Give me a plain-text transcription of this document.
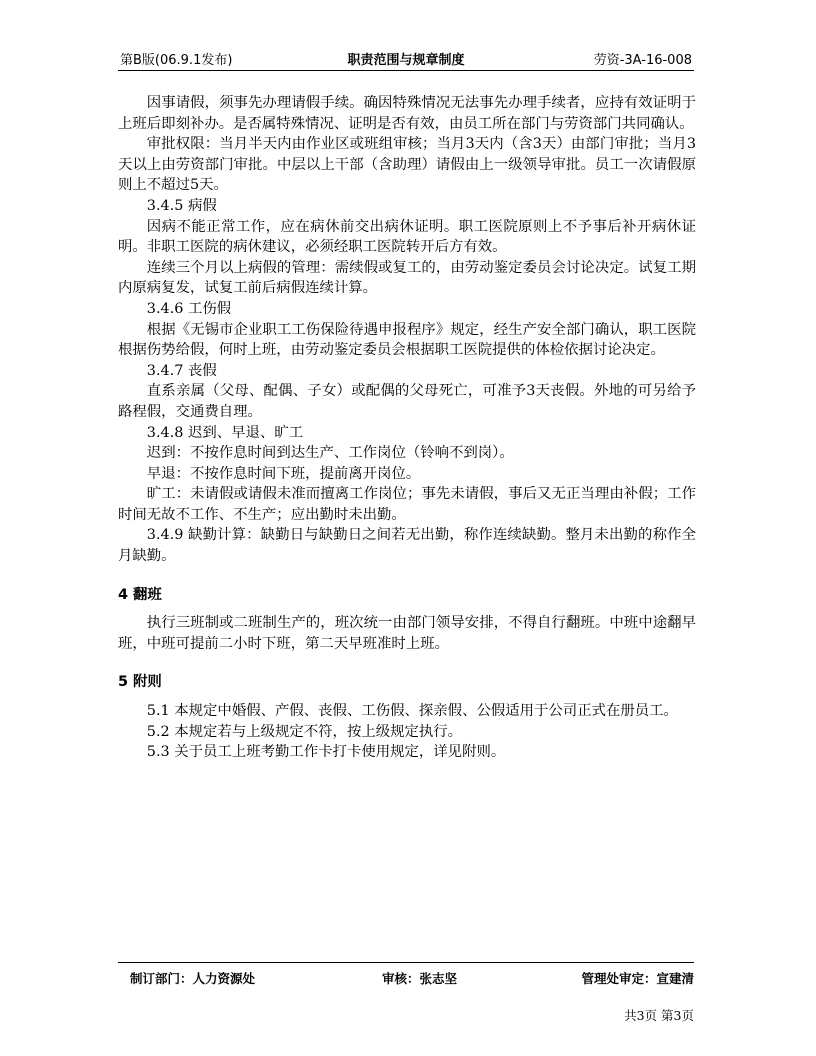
第B版(06.9.1发布)	职责范围与规章制度	劳资-3A-16-008

因事请假，须事先办理请假手续。确因特殊情况无法事先办理手续者，应持有效证明于上班后即刻补办。是否属特殊情况、证明是否有效，由员工所在部门与劳资部门共同确认。

审批权限：当月半天内由作业区或班组审核；当月3天内（含3天）由部门审批；当月3天以上由劳资部门审批。中层以上干部（含助理）请假由上一级领导审批。员工一次请假原则上不超过5天。

3.4.5 病假

因病不能正常工作，应在病休前交出病休证明。职工医院原则上不予事后补开病休证明。非职工医院的病休建议，必须经职工医院转开后方有效。

连续三个月以上病假的管理：需续假或复工的，由劳动鉴定委员会讨论决定。试复工期内原病复发，试复工前后病假连续计算。

3.4.6 工伤假

根据《无锡市企业职工工伤保险待遇申报程序》规定，经生产安全部门确认，职工医院根据伤势给假，何时上班，由劳动鉴定委员会根据职工医院提供的体检依据讨论决定。

3.4.7 丧假

直系亲属（父母、配偶、子女）或配偶的父母死亡，可准予3天丧假。外地的可另给予路程假，交通费自理。

3.4.8 迟到、早退、旷工

迟到：不按作息时间到达生产、工作岗位（铃响不到岗）。

早退：不按作息时间下班，提前离开岗位。

旷工：未请假或请假未准而擅离工作岗位；事先未请假，事后又无正当理由补假；工作时间无故不工作、不生产；应出勤时未出勤。

3.4.9 缺勤计算：缺勤日与缺勤日之间若无出勤，称作连续缺勤。整月未出勤的称作全月缺勤。

4 翻班

执行三班制或二班制生产的，班次统一由部门领导安排，不得自行翻班。中班中途翻早班，中班可提前二小时下班，第二天早班准时上班。

5 附则

5.1 本规定中婚假、产假、丧假、工伤假、探亲假、公假适用于公司正式在册员工。

5.2 本规定若与上级规定不符，按上级规定执行。

5.3 关于员工上班考勤工作卡打卡使用规定，详见附则。

制订部门：人力资源处	审核：张志坚	管理处审定：宣建清
共3页 第3页
